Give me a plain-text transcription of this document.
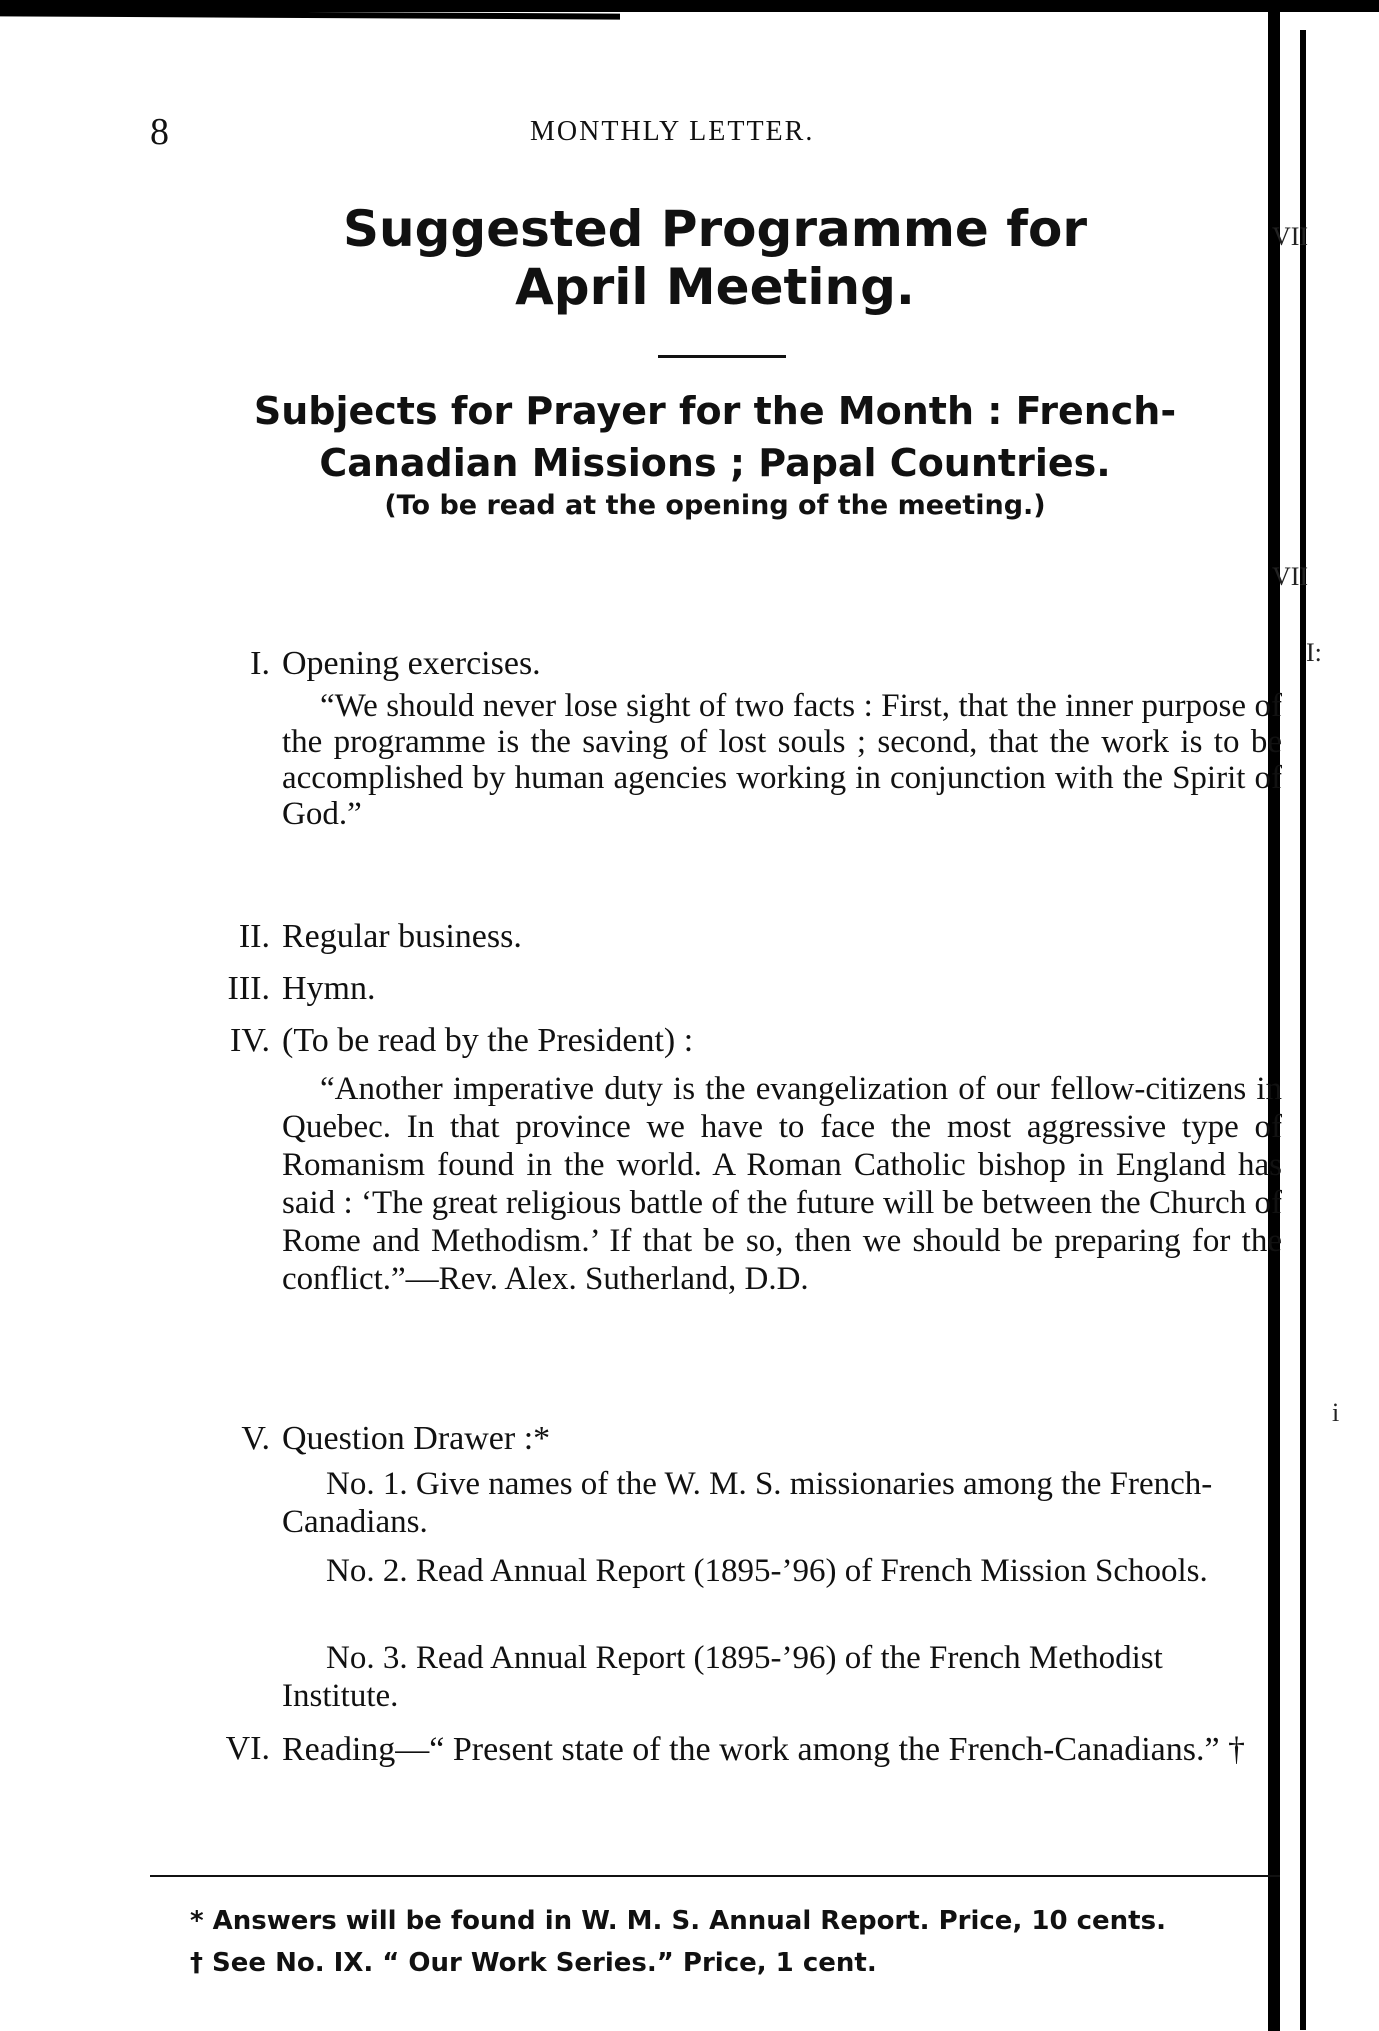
VII
VII
I:
i
8	MONTHLY LETTER.
Suggested Programme for April Meeting.
Subjects for Prayer for the Month : French-Canadian Missions ; Papal Countries.
(To be read at the opening of the meeting.)
I. Opening exercises.
“We should never lose sight of two facts : First, that the inner purpose of the programme is the saving of lost souls ; second, that the work is to be accomplished by human agencies working in conjunction with the Spirit of God.”
II. Regular business.
III. Hymn.
IV. (To be read by the President) :
“Another imperative duty is the evangelization of our fellow-citizens in Quebec. In that province we have to face the most aggressive type of Romanism found in the world. A Roman Catholic bishop in England has said : ‘The great religious battle of the future will be between the Church of Rome and Methodism.’ If that be so, then we should be preparing for the conflict.”—Rev. Alex. Sutherland, D.D.
V. Question Drawer :*
No. 1. Give names of the W. M. S. missionaries among the French-Canadians.
No. 2. Read Annual Report (1895-’96) of French Mission Schools.
No. 3. Read Annual Report (1895-’96) of the French Methodist Institute.
VI. Reading—“ Present state of the work among the French-Canadians.” †
* Answers will be found in W. M. S. Annual Report. Price, 10 cents.
† See No. IX. “ Our Work Series.” Price, 1 cent.
